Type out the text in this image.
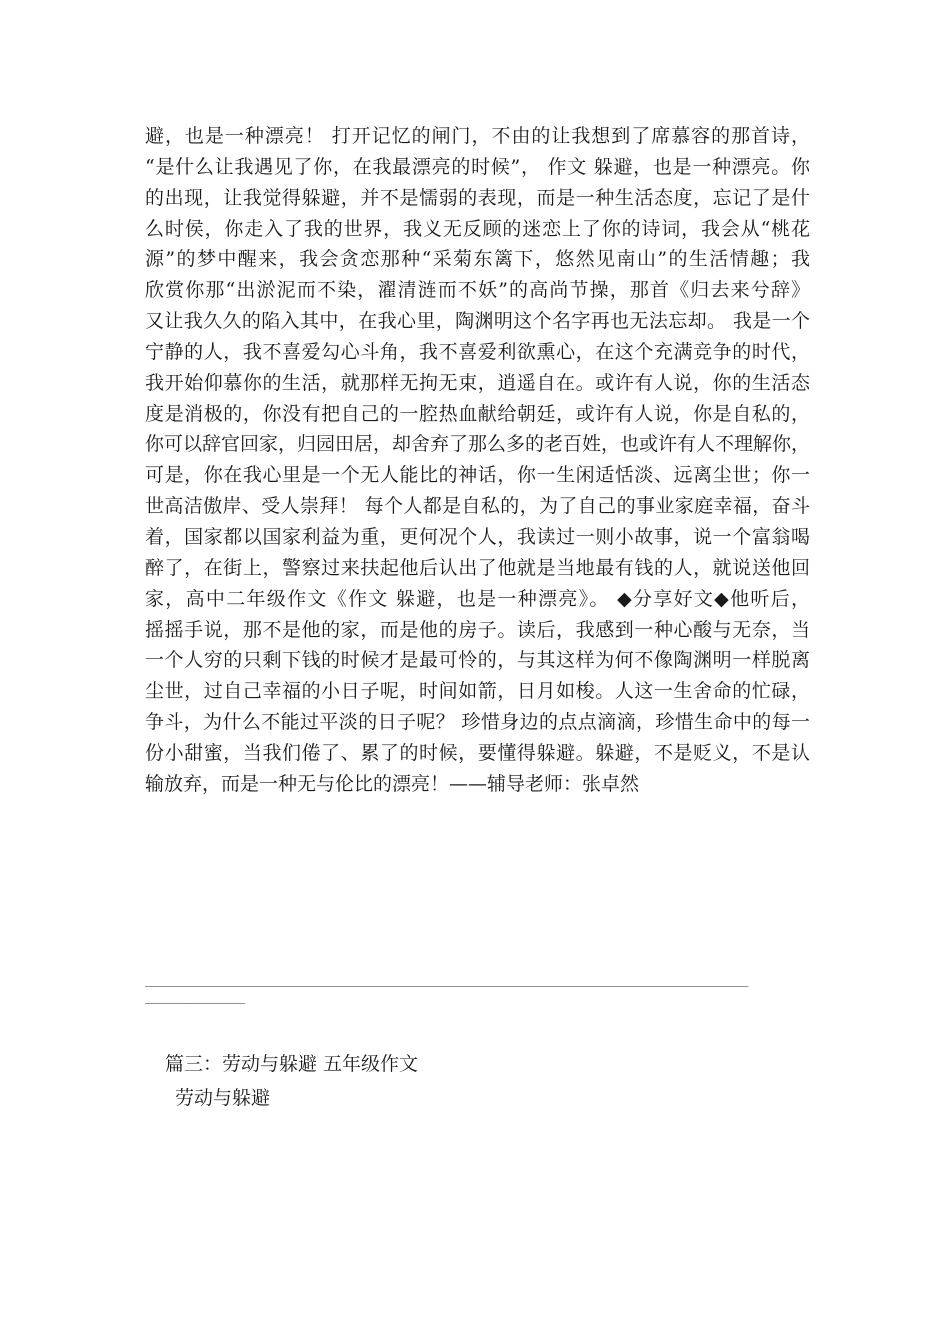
避，也是一种漂亮！ 打开记忆的闸门，不由的让我想到了席慕容的那首诗，
“是什么让我遇见了你，在我最漂亮的时候”， 作文 躲避，也是一种漂亮。你
的出现，让我觉得躲避，并不是懦弱的表现，而是一种生活态度，忘记了是什
么时侯，你走入了我的世界，我义无反顾的迷恋上了你的诗词，我会从“桃花
源”的梦中醒来，我会贪恋那种“采菊东篱下，悠然见南山”的生活情趣；我
欣赏你那“出淤泥而不染，濯清涟而不妖”的高尚节操，那首《归去来兮辞》
又让我久久的陷入其中，在我心里，陶渊明这个名字再也无法忘却。 我是一个
宁静的人，我不喜爱勾心斗角，我不喜爱利欲熏心，在这个充满竞争的时代，
我开始仰慕你的生活，就那样无拘无束，逍遥自在。或许有人说，你的生活态
度是消极的，你没有把自己的一腔热血献给朝廷，或许有人说，你是自私的，
你可以辞官回家，归园田居，却舍弃了那么多的老百姓，也或许有人不理解你，
可是，你在我心里是一个无人能比的神话，你一生闲适恬淡、远离尘世；你一
世高洁傲岸、受人崇拜！ 每个人都是自私的，为了自己的事业家庭幸福，奋斗
着，国家都以国家利益为重，更何况个人，我读过一则小故事，说一个富翁喝
醉了，在街上，警察过来扶起他后认出了他就是当地最有钱的人，就说送他回
家，高中二年级作文《作文 躲避，也是一种漂亮》。 ◆分享好文◆他听后，
摇摇手说，那不是他的家，而是他的房子。读后，我感到一种心酸与无奈，当
一个人穷的只剩下钱的时候才是最可怜的，与其这样为何不像陶渊明一样脱离
尘世，过自己幸福的小日子呢，时间如箭，日月如梭。人这一生舍命的忙碌，
争斗，为什么不能过平淡的日子呢？ 珍惜身边的点点滴滴，珍惜生命中的每一
份小甜蜜，当我们倦了、累了的时候，要懂得躲避。躲避，不是贬义，不是认
输放弃，而是一种无与伦比的漂亮！——辅导老师：张卓然
___________________________________________________________________________________________
_______________

篇三：劳动与躲避 五年级作文

劳动与躲避
